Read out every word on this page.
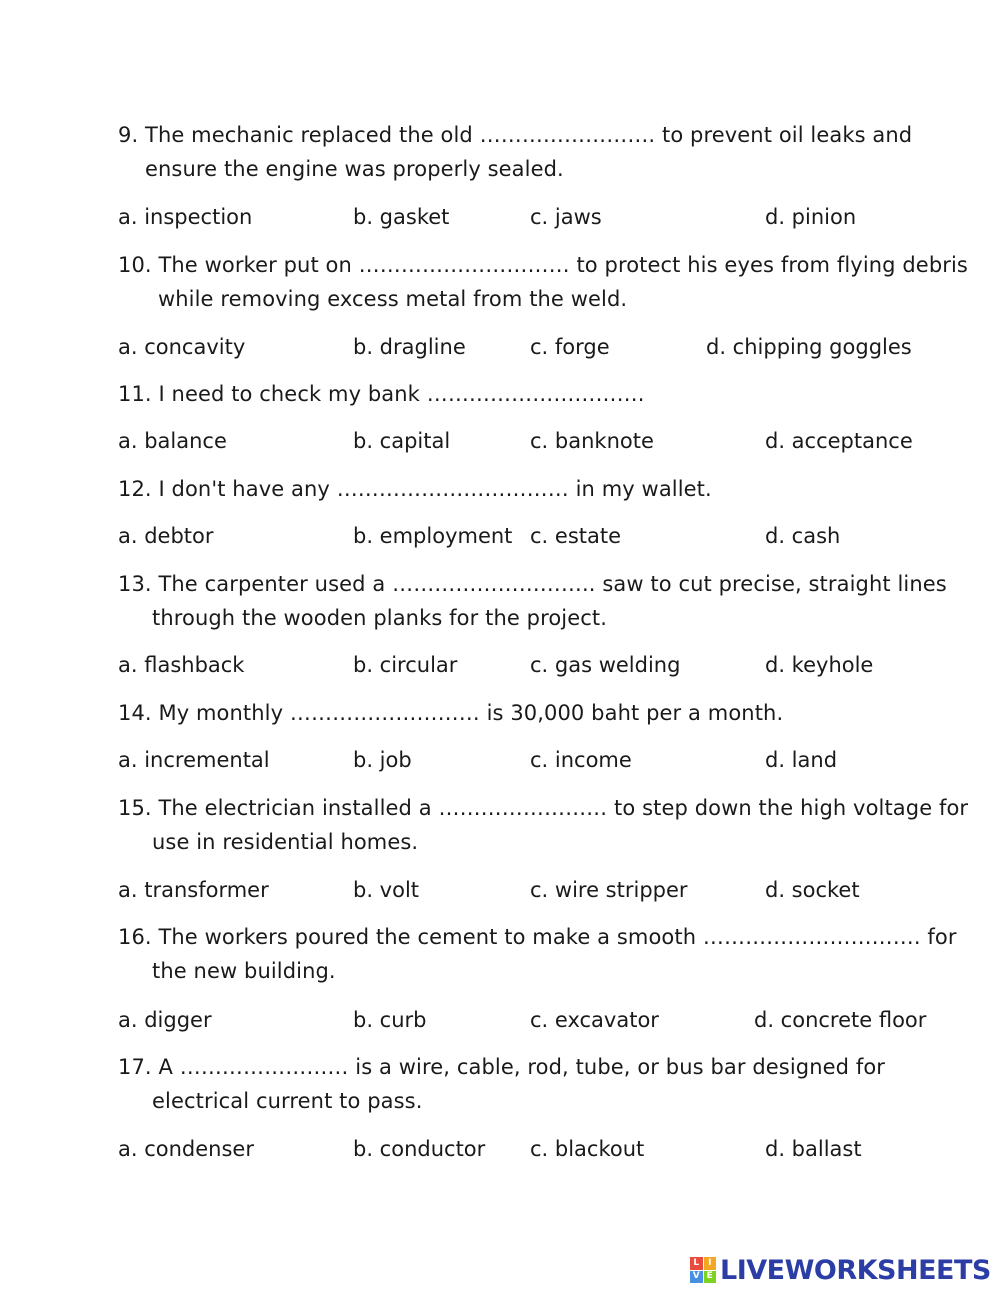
9. The mechanic replaced the old ……………………. to prevent oil leaks and
ensure the engine was properly sealed.
a. inspection	b. gasket	c. jaws	d. pinion
10. The worker put on ………………………… to protect his eyes from flying debris
while removing excess metal from the weld.
a. concavity	b. dragline	c. forge	d. chipping goggles
11. I need to check my bank ………………………….
a. balance	b. capital	c. banknote	d. acceptance
12. I don't have any …………………………… in my wallet.
a. debtor	b. employment c. estate	d. cash
13. The carpenter used a ……………………….. saw to cut precise, straight lines
through the wooden planks for the project.
a. flashback	b. circular	c. gas welding	d. keyhole
14. My monthly ……………………… is 30,000 baht per a month.
a. incremental	b. job	c. income	d. land
15. The electrician installed a …………………… to step down the high voltage for
use in residential homes.
a. transformer	b. volt	c. wire stripper	d. socket
16. The workers poured the cement to make a smooth …………………………. for
the new building.
a. digger	b. curb	c. excavator	d. concrete floor
17. A …………………… is a wire, cable, rod, tube, or bus bar designed for
electrical current to pass.
a. condenser	b. conductor c. blackout	d. ballast
L I
V E LIVEWORKSHEETS
